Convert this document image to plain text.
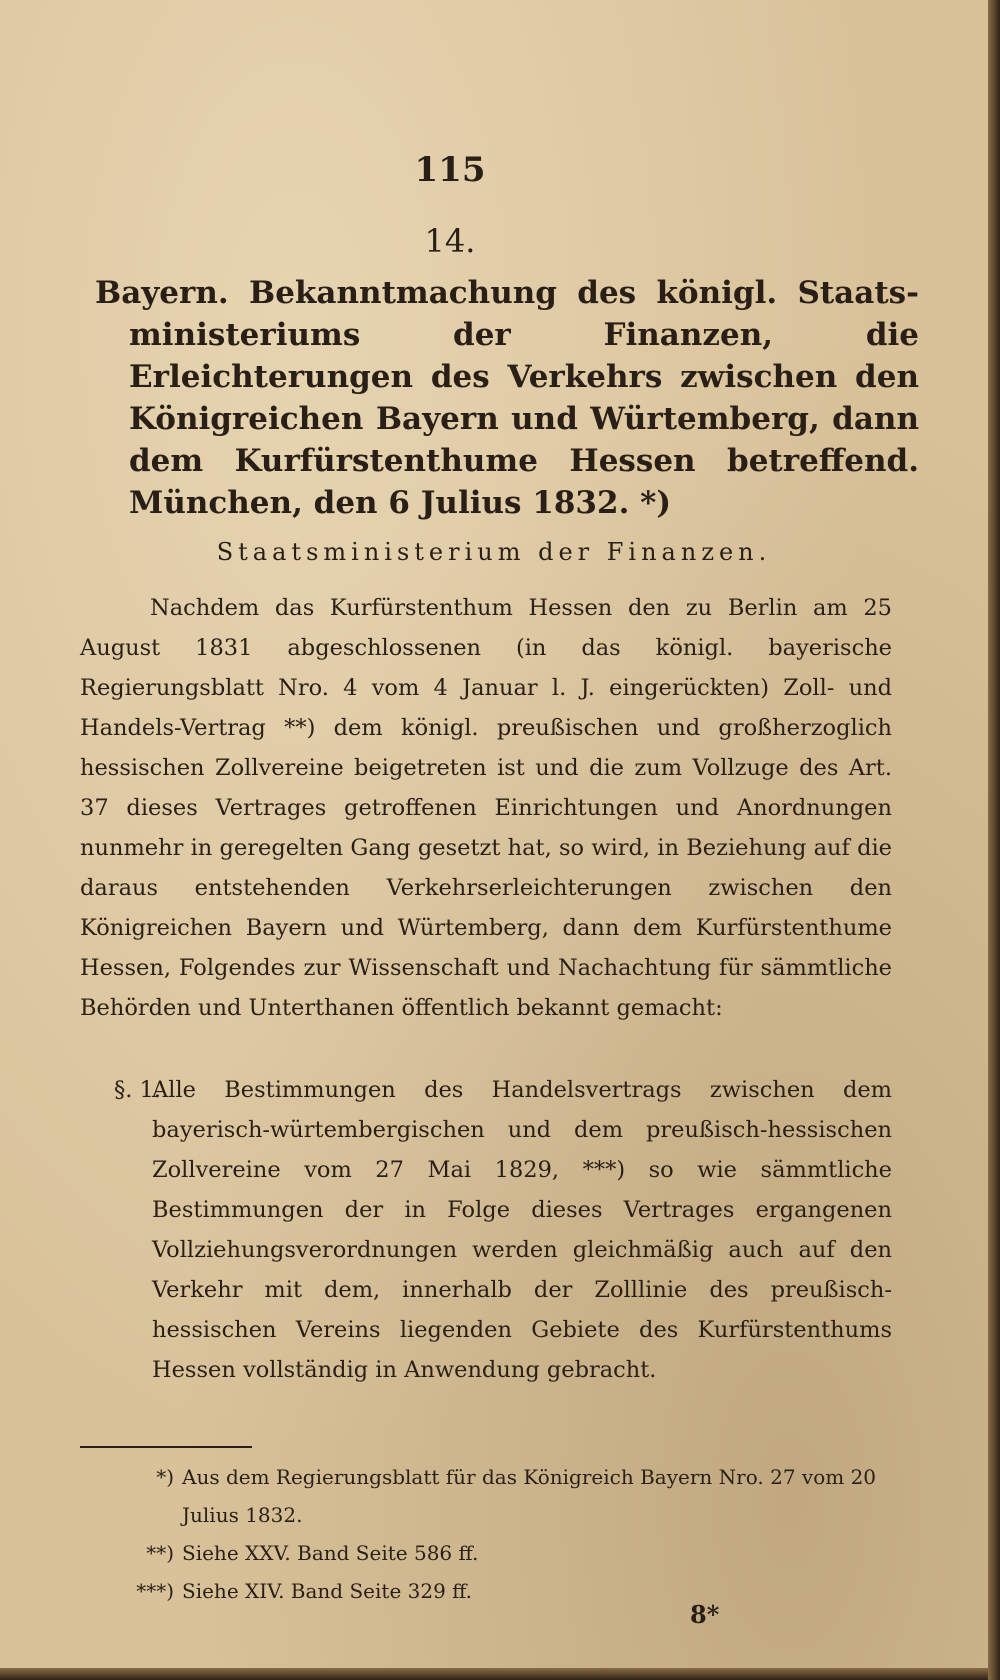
115
14.
Bayern. Bekanntmachung des königl. Staats-ministeriums der Finanzen, die Erleichterungen des Verkehrs zwischen den Königreichen Bayern und Würtemberg, dann dem Kurfürstenthume Hessen betreffend. München, den 6 Julius 1832. *)
Staatsministerium der Finanzen.

Nachdem das Kurfürstenthum Hessen den zu Berlin am 25 August 1831 abgeschlossenen (in das königl. bayerische Regierungsblatt Nro. 4 vom 4 Januar l. J. eingerückten) Zoll- und Handels-Vertrag **) dem königl. preußischen und großherzoglich hessischen Zollvereine beigetreten ist und die zum Vollzuge des Art. 37 dieses Vertrages getroffenen Einrichtungen und Anordnungen nunmehr in geregelten Gang gesetzt hat, so wird, in Beziehung auf die daraus entstehenden Verkehrserleichterungen zwischen den Königreichen Bayern und Würtemberg, dann dem Kurfürstenthume Hessen, Folgendes zur Wissenschaft und Nachachtung für sämmtliche Behörden und Unterthanen öffentlich bekannt gemacht:

§. 1.
Alle Bestimmungen des Handelsvertrags zwischen dem bayerisch-würtembergischen und dem preußisch-hessischen Zollvereine vom 27 Mai 1829, ***) so wie sämmtliche Bestimmungen der in Folge dieses Vertrages ergangenen Vollziehungsverordnungen werden gleichmäßig auch auf den Verkehr mit dem, innerhalb der Zolllinie des preußisch-hessischen Vereins liegenden Gebiete des Kurfürstenthums Hessen vollständig in Anwendung gebracht.
*) Aus dem Regierungsblatt für das Königreich Bayern Nro. 27 vom 20 Julius 1832.
**) Siehe XXV. Band Seite 586 ff.
***) Siehe XIV. Band Seite 329 ff.
8*
